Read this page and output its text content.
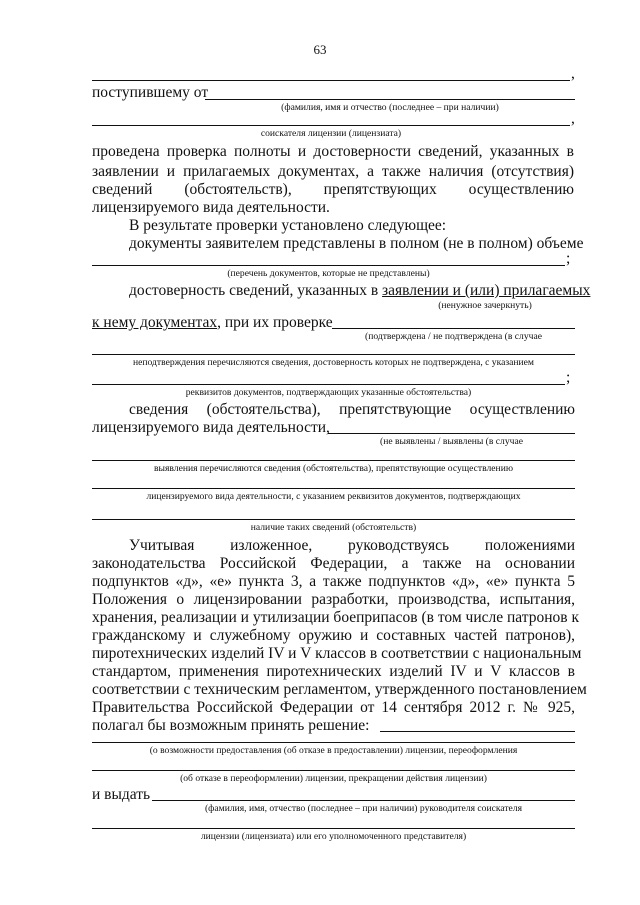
63
,
поступившему от
(фамилия, имя и отчество (последнее – при наличии)
,
соискателя лицензии (лицензиата)
проведена проверка полноты и достоверности сведений, указанных в
заявлении и прилагаемых документах, а также наличия (отсутствия)
сведений (обстоятельств), препятствующих осуществлению
лицензируемого вида деятельности.
В результате проверки установлено следующее:
документы заявителем представлены в полном (не в полном) объеме
;
(перечень документов, которые не представлены)
достоверность сведений, указанных в заявлении и (или) прилагаемых
(ненужное зачеркнуть)
к нему документах, при их проверке
(подтверждена / не подтверждена (в случае
неподтверждения перечисляются сведения, достоверность которых не подтверждена, с указанием
;
реквизитов документов, подтверждающих указанные обстоятельства)
сведения (обстоятельства), препятствующие осуществлению
лицензируемого вида деятельности,
(не выявлены / выявлены (в случае
выявления перечисляются сведения (обстоятельства), препятствующие осуществлению
лицензируемого вида деятельности, с указанием реквизитов документов, подтверждающих
наличие таких сведений (обстоятельств)
Учитывая изложенное, руководствуясь положениями
законодательства Российской Федерации, а также на основании
подпунктов «д», «е» пункта 3, а также подпунктов «д», «е» пункта 5
Положения о лицензировании разработки, производства, испытания,
хранения, реализации и утилизации боеприпасов (в том числе патронов к
гражданскому и служебному оружию и составных частей патронов),
пиротехнических изделий IV и V классов в соответствии с национальным
стандартом, применения пиротехнических изделий IV и V классов в
соответствии с техническим регламентом, утвержденного постановлением
Правительства Российской Федерации от 14 сентября 2012 г. № 925,
полагал бы возможным принять решение:
(о возможности предоставления (об отказе в предоставлении) лицензии, переоформления
(об отказе в переоформлении) лицензии, прекращении действия лицензии)
и выдать
(фамилия, имя, отчество (последнее – при наличии) руководителя соискателя
лицензии (лицензиата) или его уполномоченного представителя)
